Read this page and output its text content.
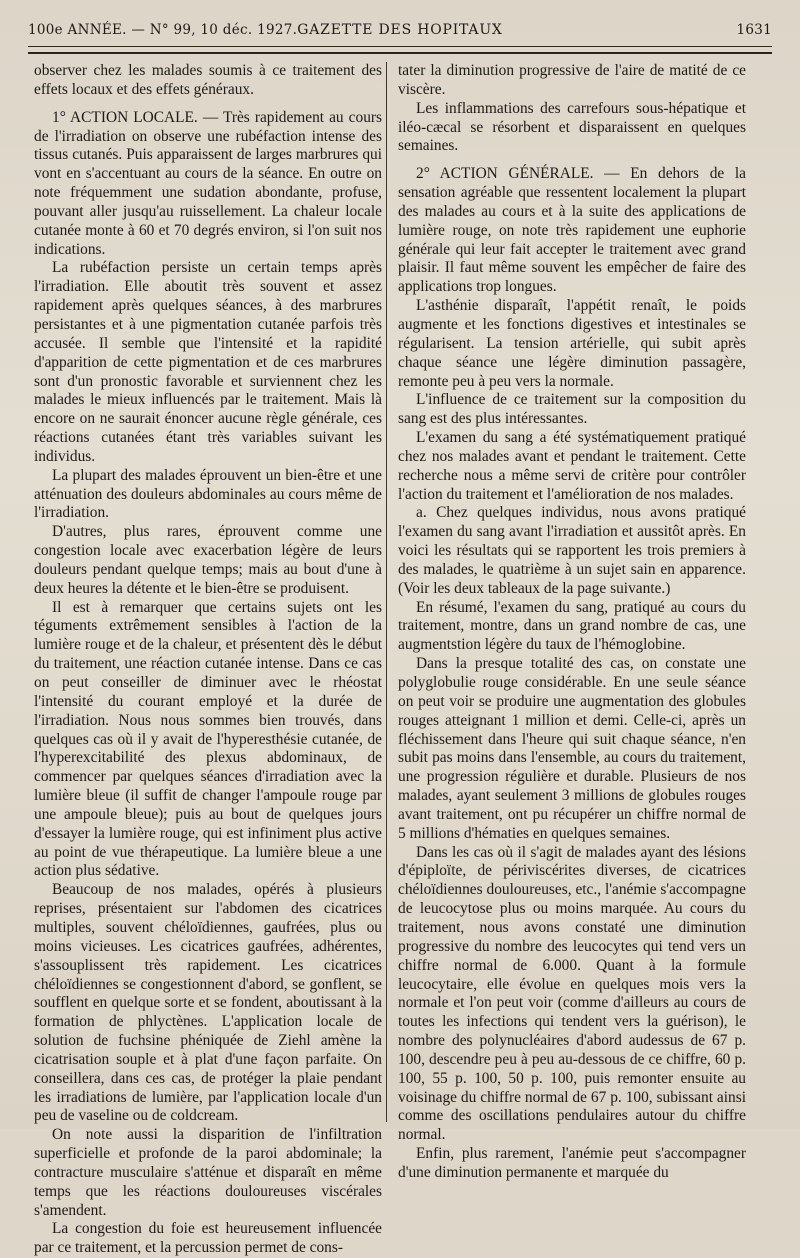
100e ANNÉE. — N° 99, 10 déc. 1927. GAZETTE DES HOPITAUX	1631

observer chez les malades soumis à ce traitement des effets locaux et des effets généraux.

1° ACTION LOCALE. — Très rapidement au cours de l'irradiation on observe une rubéfaction intense des tissus cutanés. Puis apparaissent de larges marbrures qui vont en s'accentuant au cours de la séance. En outre on note fréquemment une sudation abondante, profuse, pouvant aller jusqu'au ruissellement. La chaleur locale cutanée monte à 60 et 70 degrés environ, si l'on suit nos indications.

La rubéfaction persiste un certain temps après l'irradiation. Elle aboutit très souvent et assez rapidement après quelques séances, à des marbrures persistantes et à une pigmentation cutanée parfois très accusée. Il semble que l'intensité et la rapidité d'apparition de cette pigmentation et de ces marbrures sont d'un pronostic favorable et surviennent chez les malades le mieux influencés par le traitement. Mais là encore on ne saurait énoncer aucune règle générale, ces réactions cutanées étant très variables suivant les individus.

La plupart des malades éprouvent un bien-être et une atténuation des douleurs abdominales au cours même de l'irradiation.

D'autres, plus rares, éprouvent comme une congestion locale avec exacerbation légère de leurs douleurs pendant quelque temps; mais au bout d'une à deux heures la détente et le bien-être se produisent.

Il est à remarquer que certains sujets ont les téguments extrêmement sensibles à l'action de la lumière rouge et de la chaleur, et présentent dès le début du traitement, une réaction cutanée intense. Dans ce cas on peut conseiller de diminuer avec le rhéostat l'intensité du courant employé et la durée de l'irradiation. Nous nous sommes bien trouvés, dans quelques cas où il y avait de l'hyperesthésie cutanée, de l'hyperexcitabilité des plexus abdominaux, de commencer par quelques séances d'irradiation avec la lumière bleue (il suffit de changer l'ampoule rouge par une ampoule bleue); puis au bout de quelques jours d'essayer la lumière rouge, qui est infiniment plus active au point de vue thérapeutique. La lumière bleue a une action plus sédative.

Beaucoup de nos malades, opérés à plusieurs reprises, présentaient sur l'abdomen des cicatrices multiples, souvent chéloïdiennes, gaufrées, plus ou moins vicieuses. Les cicatrices gaufrées, adhérentes, s'assouplissent très rapidement. Les cicatrices chéloïdiennes se congestionnent d'abord, se gonflent, se soufflent en quelque sorte et se fondent, aboutissant à la formation de phlyctènes. L'application locale de solution de fuchsine phéniquée de Ziehl amène la cicatrisation souple et à plat d'une façon parfaite. On conseillera, dans ces cas, de protéger la plaie pendant les irradiations de lumière, par l'application locale d'un peu de vaseline ou de coldcream.

On note aussi la disparition de l'infiltration superficielle et profonde de la paroi abdominale; la contracture musculaire s'atténue et disparaît en même temps que les réactions douloureuses viscérales s'amendent.

La congestion du foie est heureusement influencée par ce traitement, et la percussion permet de cons-

tater la diminution progressive de l'aire de matité de ce viscère.

Les inflammations des carrefours sous-hépatique et iléo-cæcal se résorbent et disparaissent en quelques semaines.

2° ACTION GÉNÉRALE. — En dehors de la sensation agréable que ressentent localement la plupart des malades au cours et à la suite des applications de lumière rouge, on note très rapidement une euphorie générale qui leur fait accepter le traitement avec grand plaisir. Il faut même souvent les empêcher de faire des applications trop longues.

L'asthénie disparaît, l'appétit renaît, le poids augmente et les fonctions digestives et intestinales se régularisent. La tension artérielle, qui subit après chaque séance une légère diminution passagère, remonte peu à peu vers la normale.

L'influence de ce traitement sur la composition du sang est des plus intéressantes.

L'examen du sang a été systématiquement pratiqué chez nos malades avant et pendant le traitement. Cette recherche nous a même servi de critère pour contrôler l'action du traitement et l'amélioration de nos malades.

a. Chez quelques individus, nous avons pratiqué l'examen du sang avant l'irradiation et aussitôt après. En voici les résultats qui se rapportent les trois premiers à des malades, le quatrième à un sujet sain en apparence. (Voir les deux tableaux de la page suivante.)

En résumé, l'examen du sang, pratiqué au cours du traitement, montre, dans un grand nombre de cas, une augmentstion légère du taux de l'hémoglobine.

Dans la presque totalité des cas, on constate une polyglobulie rouge considérable. En une seule séance on peut voir se produire une augmentation des globules rouges atteignant 1 million et demi. Celle-ci, après un fléchissement dans l'heure qui suit chaque séance, n'en subit pas moins dans l'ensemble, au cours du traitement, une progression régulière et durable. Plusieurs de nos malades, ayant seulement 3 millions de globules rouges avant traitement, ont pu récupérer un chiffre normal de 5 millions d'hématies en quelques semaines.

Dans les cas où il s'agit de malades ayant des lésions d'épiploïte, de périviscérites diverses, de cicatrices chéloïdiennes douloureuses, etc., l'anémie s'accompagne de leucocytose plus ou moins marquée. Au cours du traitement, nous avons constaté une diminution progressive du nombre des leucocytes qui tend vers un chiffre normal de 6.000. Quant à la formule leucocytaire, elle évolue en quelques mois vers la normale et l'on peut voir (comme d'ailleurs au cours de toutes les infections qui tendent vers la guérison), le nombre des polynucléaires d'abord audessus de 67 p. 100, descendre peu à peu au-dessous de ce chiffre, 60 p. 100, 55 p. 100, 50 p. 100, puis remonter ensuite au voisinage du chiffre normal de 67 p. 100, subissant ainsi comme des oscillations pendulaires autour du chiffre normal.

Enfin, plus rarement, l'anémie peut s'accompagner d'une diminution permanente et marquée du
